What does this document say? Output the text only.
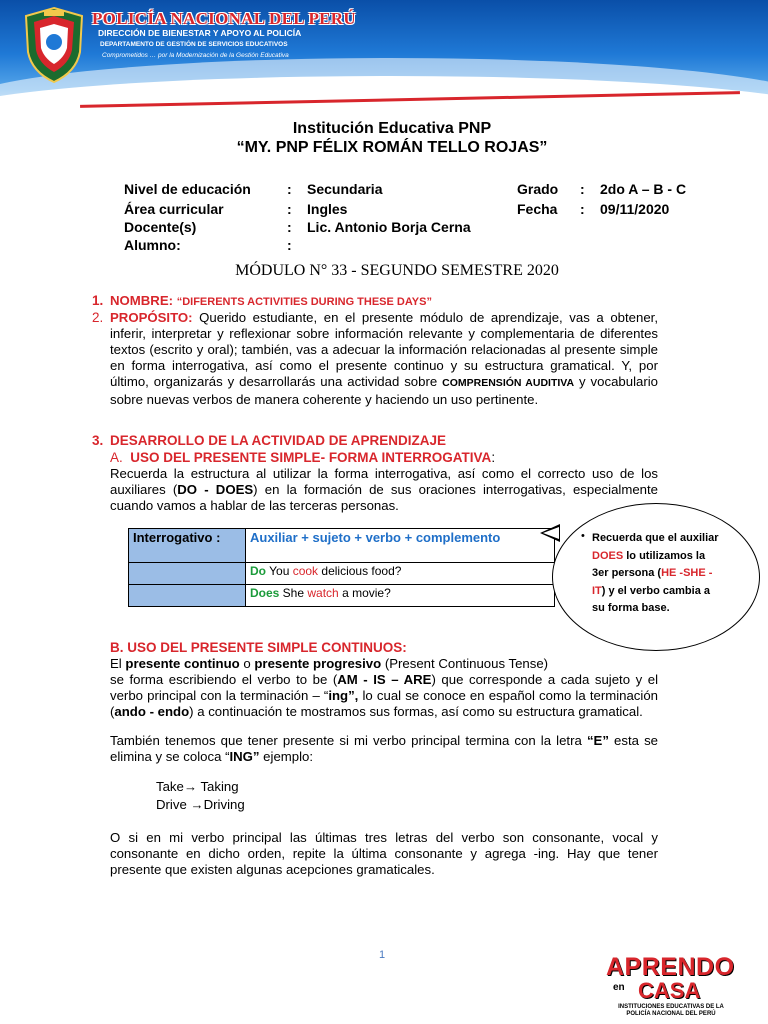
POLICÍA NACIONAL DEL PERÚ
DIRECCIÓN DE BIENESTAR Y APOYO AL POLICÍA
DEPARTAMENTO DE GESTIÓN DE SERVICIOS EDUCATIVOS
Comprometidos … por la Modernización de la Gestión Educativa
Institución Educativa PNP
“MY. PNP FÉLIX ROMÁN TELLO ROJAS”
Nivel de educación	: Secundaria	Grado : 2do A – B - C
Área curricular	: Ingles	Fecha : 09/11/2020
Docente(s)	: Lic. Antonio Borja Cerna
Alumno:	:
MÓDULO N° 33 - SEGUNDO SEMESTRE 2020
1. NOMBRE: “DIFERENTS ACTIVITIES DURING THESE DAYS”
2. PROPÓSITO: Querido estudiante, en el presente módulo de aprendizaje, vas a obtener, inferir, interpretar y reflexionar sobre información relevante y complementaria de diferentes textos (escrito y oral); también, vas a adecuar la información relacionadas al presente simple en forma interrogativa, así como el presente continuo y su estructura gramatical. Y, por último, organizarás y desarrollarás una actividad sobre COMPRENSIÓN AUDITIVA y vocabulario sobre nuevas verbos de manera coherente y haciendo un uso pertinente.
3. DESARROLLO DE LA ACTIVIDAD DE APRENDIZAJE
A. USO DEL PRESENTE SIMPLE- FORMA INTERROGATIVA:
Recuerda la estructura al utilizar la forma interrogativa, así como el correcto uso de los auxiliares (DO - DOES) en la formación de sus oraciones interrogativas, especialmente cuando vamos a hablar de las terceras personas.
Interrogativo :	Auxiliar + sujeto + verbo + complemento
	Do You cook delicious food?
	Does She watch a movie?
• Recuerda que el auxiliar DOES lo utilizamos la 3er persona (HE -SHE - IT) y el verbo cambia a su forma base.
B. USO DEL PRESENTE SIMPLE CONTINUOS:
El presente continuo o presente progresivo (Present Continuous Tense)
se forma escribiendo el verbo to be (AM - IS – ARE) que corresponde a cada sujeto y el verbo principal con la terminación – “ing”, lo cual se conoce en español como la terminación (ando - endo) a continuación te mostramos sus formas, así como su estructura gramatical.
También tenemos que tener presente si mi verbo principal termina con la letra “E” esta se elimina y se coloca “ING” ejemplo:
Take→ Taking
Drive →Driving
O si en mi verbo principal las últimas tres letras del verbo son consonante, vocal y consonante en dicho orden, repite la última consonante y agrega -ing. Hay que tener presente que existen algunas acepciones gramaticales.
1	APRENDO
en CASA
INSTITUCIONES EDUCATIVAS DE LA POLICÍA NACIONAL DEL PERÚ
